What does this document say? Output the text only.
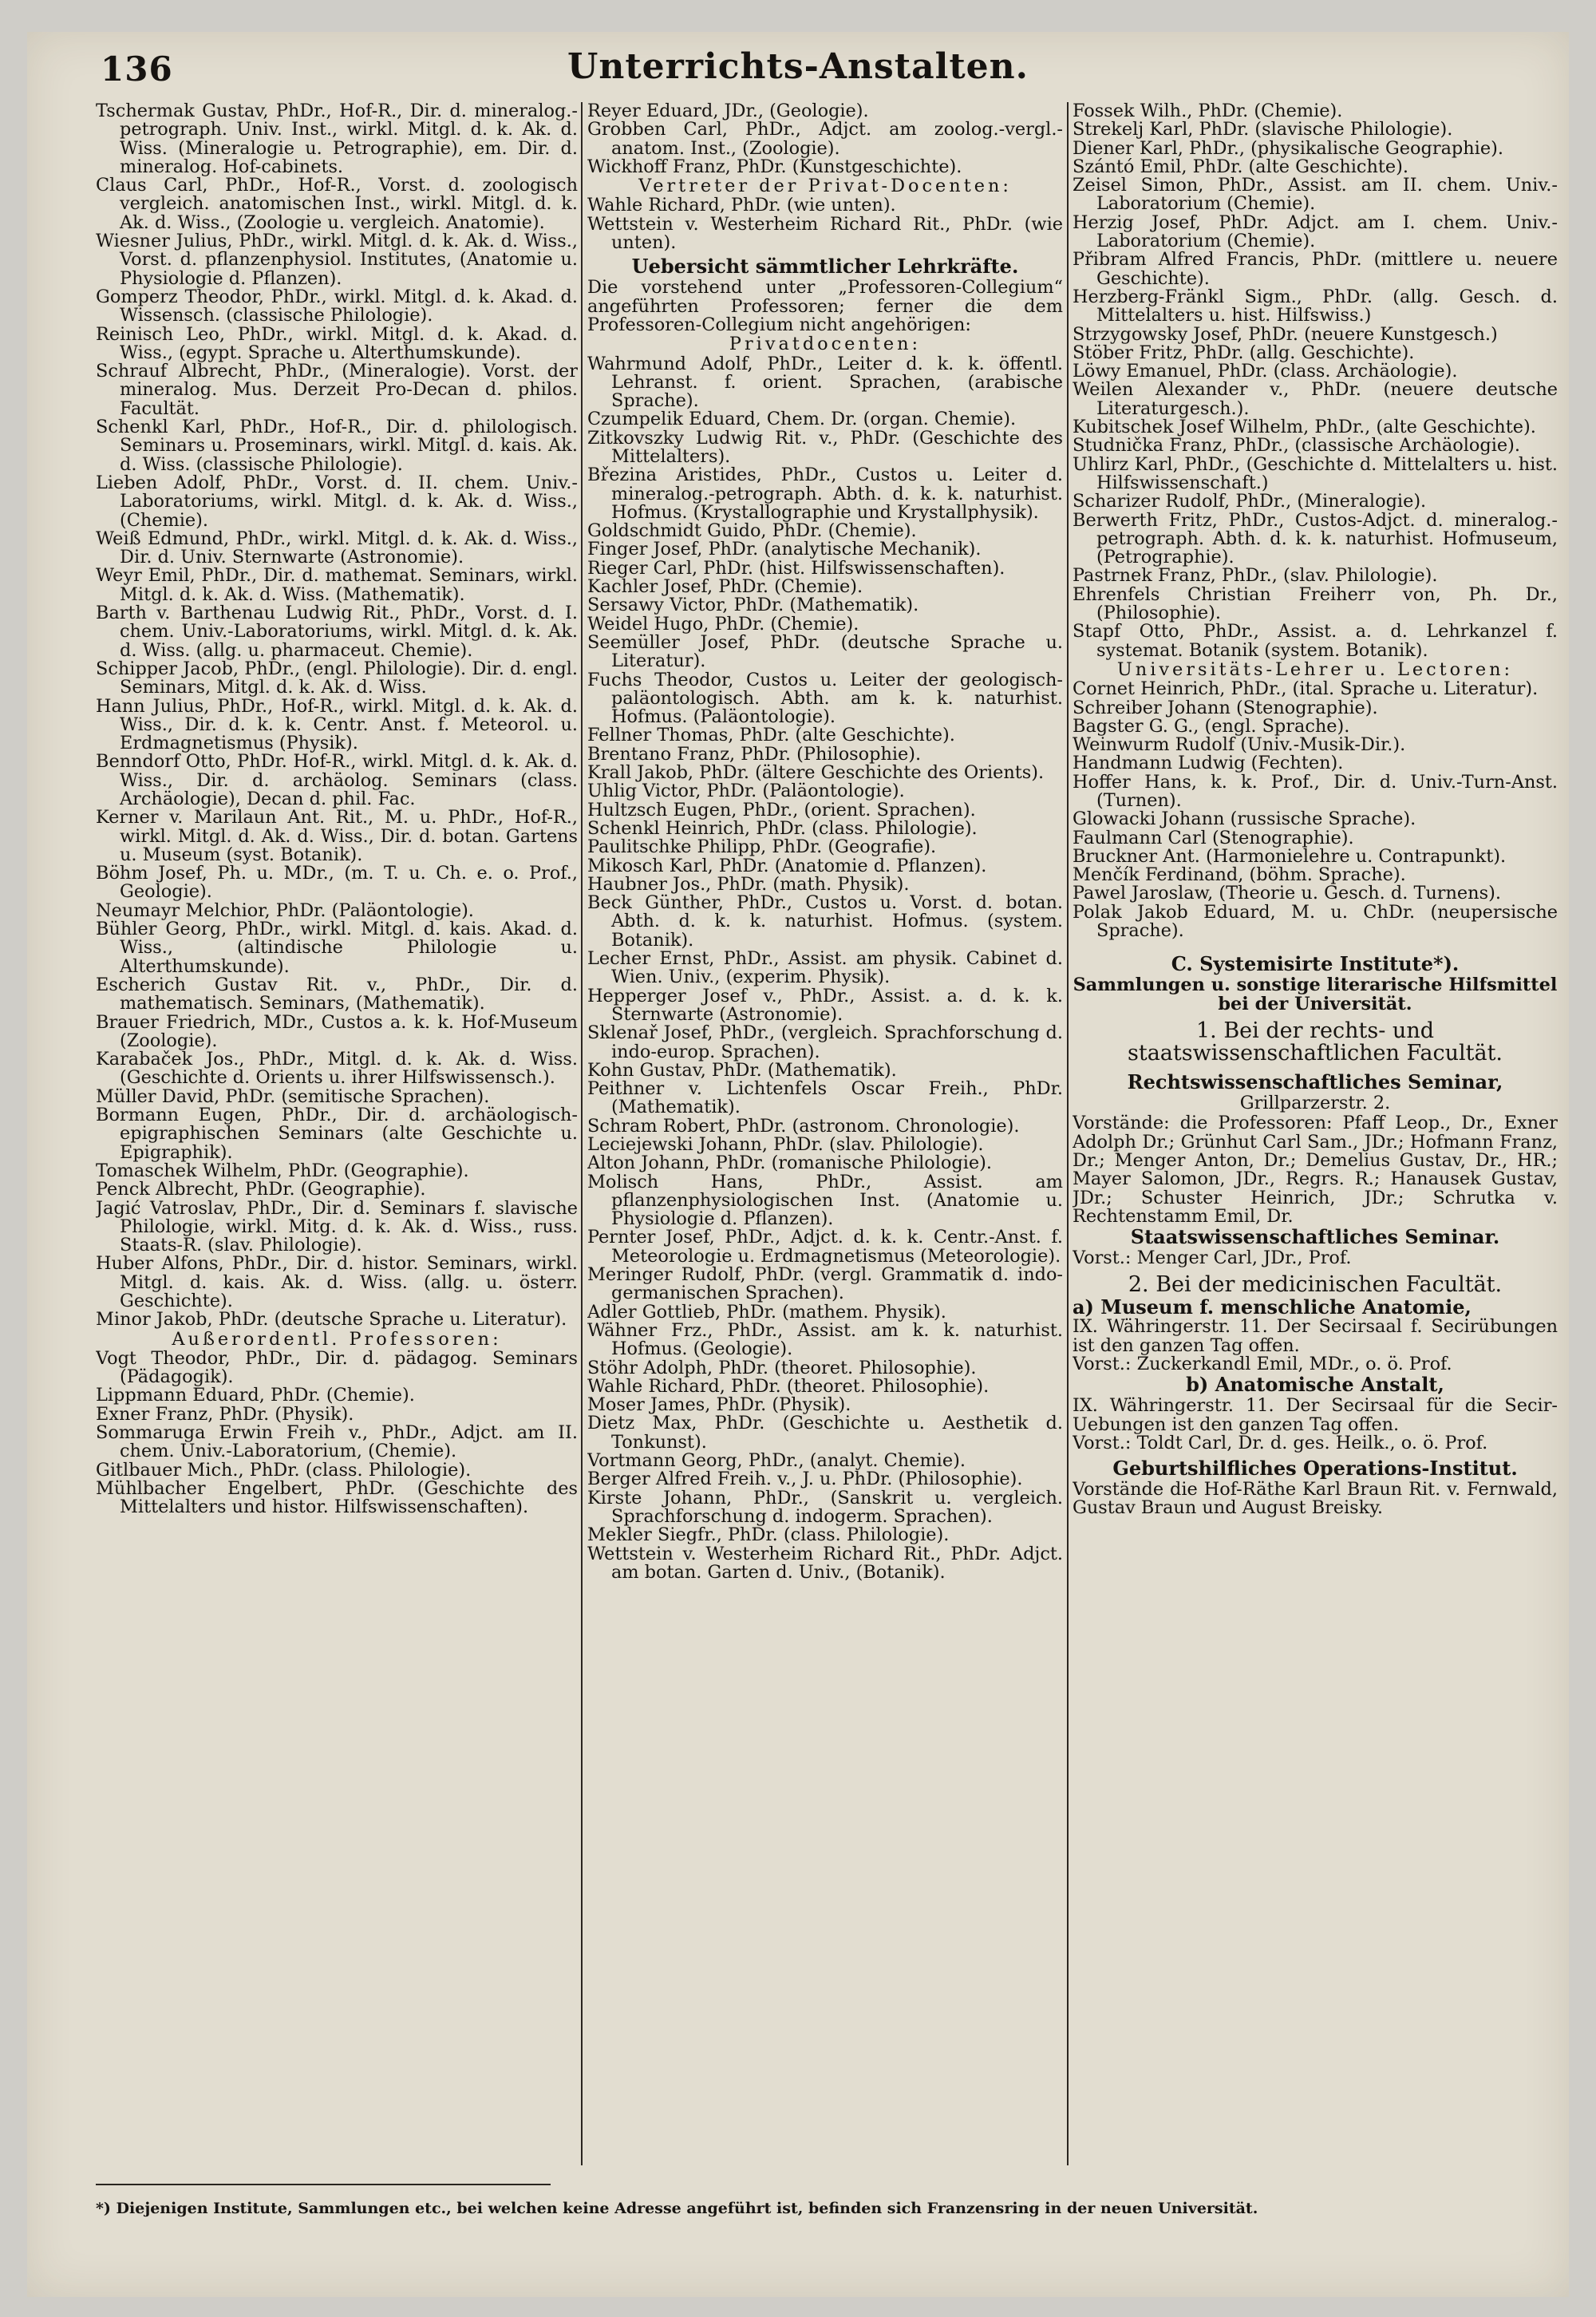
136	Unterrichts-Anstalten.

Tschermak Gustav, PhDr., Hof-R., Dir. d. mineralog.-petrograph. Univ. Inst., wirkl. Mitgl. d. k. Ak. d. Wiss. (Mineralogie u. Petrographie), em. Dir. d. mineralog. Hof-cabinets.

Claus Carl, PhDr., Hof-R., Vorst. d. zoologisch vergleich. anatomischen Inst., wirkl. Mitgl. d. k. Ak. d. Wiss., (Zoologie u. vergleich. Anatomie).

Wiesner Julius, PhDr., wirkl. Mitgl. d. k. Ak. d. Wiss., Vorst. d. pflanzenphysiol. Institutes, (Anatomie u. Physiologie d. Pflanzen).

Gomperz Theodor, PhDr., wirkl. Mitgl. d. k. Akad. d. Wissensch. (classische Philologie).

Reinisch Leo, PhDr., wirkl. Mitgl. d. k. Akad. d. Wiss., (egypt. Sprache u. Alterthumskunde).

Schrauf Albrecht, PhDr., (Mineralogie). Vorst. der mineralog. Mus. Derzeit Pro-Decan d. philos. Facultät.

Schenkl Karl, PhDr., Hof-R., Dir. d. philologisch. Seminars u. Proseminars, wirkl. Mitgl. d. kais. Ak. d. Wiss. (classische Philologie).

Lieben Adolf, PhDr., Vorst. d. II. chem. Univ.-Laboratoriums, wirkl. Mitgl. d. k. Ak. d. Wiss., (Chemie).

Weiß Edmund, PhDr., wirkl. Mitgl. d. k. Ak. d. Wiss., Dir. d. Univ. Sternwarte (Astronomie).

Weyr Emil, PhDr., Dir. d. mathemat. Seminars, wirkl. Mitgl. d. k. Ak. d. Wiss. (Mathematik).

Barth v. Barthenau Ludwig Rit., PhDr., Vorst. d. I. chem. Univ.-Laboratoriums, wirkl. Mitgl. d. k. Ak. d. Wiss. (allg. u. pharmaceut. Chemie).

Schipper Jacob, PhDr., (engl. Philologie). Dir. d. engl. Seminars, Mitgl. d. k. Ak. d. Wiss.

Hann Julius, PhDr., Hof-R., wirkl. Mitgl. d. k. Ak. d. Wiss., Dir. d. k. k. Centr. Anst. f. Meteorol. u. Erdmagnetismus (Physik).

Benndorf Otto, PhDr. Hof-R., wirkl. Mitgl. d. k. Ak. d. Wiss., Dir. d. archäolog. Seminars (class. Archäologie), Decan d. phil. Fac.

Kerner v. Marilaun Ant. Rit., M. u. PhDr., Hof-R., wirkl. Mitgl. d. Ak. d. Wiss., Dir. d. botan. Gartens u. Museum (syst. Botanik).

Böhm Josef, Ph. u. MDr., (m. T. u. Ch. e. o. Prof., Geologie).

Neumayr Melchior, PhDr. (Paläontologie).

Bühler Georg, PhDr., wirkl. Mitgl. d. kais. Akad. d. Wiss., (altindische Philologie u. Alterthumskunde).

Escherich Gustav Rit. v., PhDr., Dir. d. mathematisch. Seminars, (Mathematik).

Brauer Friedrich, MDr., Custos a. k. k. Hof-Museum (Zoologie).

Karabaček Jos., PhDr., Mitgl. d. k. Ak. d. Wiss. (Geschichte d. Orients u. ihrer Hilfswissensch.).

Müller David, PhDr. (semitische Sprachen).

Bormann Eugen, PhDr., Dir. d. archäologisch-epigraphischen Seminars (alte Geschichte u. Epigraphik).

Tomaschek Wilhelm, PhDr. (Geographie).

Penck Albrecht, PhDr. (Geographie).

Jagić Vatroslav, PhDr., Dir. d. Seminars f. slavische Philologie, wirkl. Mitg. d. k. Ak. d. Wiss., russ. Staats-R. (slav. Philologie).

Huber Alfons, PhDr., Dir. d. histor. Seminars, wirkl. Mitgl. d. kais. Ak. d. Wiss. (allg. u. österr. Geschichte).

Minor Jakob, PhDr. (deutsche Sprache u. Literatur).

Außerordentl. Professoren:

Vogt Theodor, PhDr., Dir. d. pädagog. Seminars (Pädagogik).

Lippmann Eduard, PhDr. (Chemie).

Exner Franz, PhDr. (Physik).

Sommaruga Erwin Freih v., PhDr., Adjct. am II. chem. Univ.-Laboratorium, (Chemie).

Gitlbauer Mich., PhDr. (class. Philologie).

Mühlbacher Engelbert, PhDr. (Geschichte des Mittelalters und histor. Hilfswissenschaften).

Reyer Eduard, JDr., (Geologie).

Grobben Carl, PhDr., Adjct. am zoolog.-vergl.-anatom. Inst., (Zoologie).

Wickhoff Franz, PhDr. (Kunstgeschichte).

Vertreter der Privat-Docenten:

Wahle Richard, PhDr. (wie unten).

Wettstein v. Westerheim Richard Rit., PhDr. (wie unten).

Uebersicht sämmtlicher Lehrkräfte.

Die vorstehend unter „Professoren-Collegium“ angeführten Professoren; ferner die dem Professoren-Collegium nicht angehörigen:

Privatdocenten:

Wahrmund Adolf, PhDr., Leiter d. k. k. öffentl. Lehranst. f. orient. Sprachen, (arabische Sprache).

Czumpelik Eduard, Chem. Dr. (organ. Chemie).

Zitkovszky Ludwig Rit. v., PhDr. (Geschichte des Mittelalters).

Březina Aristides, PhDr., Custos u. Leiter d. mineralog.-petrograph. Abth. d. k. k. naturhist. Hofmus. (Krystallographie und Krystallphysik).

Goldschmidt Guido, PhDr. (Chemie).

Finger Josef, PhDr. (analytische Mechanik).

Rieger Carl, PhDr. (hist. Hilfswissenschaften).

Kachler Josef, PhDr. (Chemie).

Sersawy Victor, PhDr. (Mathematik).

Weidel Hugo, PhDr. (Chemie).

Seemüller Josef, PhDr. (deutsche Sprache u. Literatur).

Fuchs Theodor, Custos u. Leiter der geologisch-paläontologisch. Abth. am k. k. naturhist. Hofmus. (Paläontologie).

Fellner Thomas, PhDr. (alte Geschichte).

Brentano Franz, PhDr. (Philosophie).

Krall Jakob, PhDr. (ältere Geschichte des Orients).

Uhlig Victor, PhDr. (Paläontologie).

Hultzsch Eugen, PhDr., (orient. Sprachen).

Schenkl Heinrich, PhDr. (class. Philologie).

Paulitschke Philipp, PhDr. (Geografie).

Mikosch Karl, PhDr. (Anatomie d. Pflanzen).

Haubner Jos., PhDr. (math. Physik).

Beck Günther, PhDr., Custos u. Vorst. d. botan. Abth. d. k. k. naturhist. Hofmus. (system. Botanik).

Lecher Ernst, PhDr., Assist. am physik. Cabinet d. Wien. Univ., (experim. Physik).

Hepperger Josef v., PhDr., Assist. a. d. k. k. Sternwarte (Astronomie).

Sklenař Josef, PhDr., (vergleich. Sprachforschung d. indo-europ. Sprachen).

Kohn Gustav, PhDr. (Mathematik).

Peithner v. Lichtenfels Oscar Freih., PhDr. (Mathematik).

Schram Robert, PhDr. (astronom. Chronologie).

Leciejewski Johann, PhDr. (slav. Philologie).

Alton Johann, PhDr. (romanische Philologie).

Molisch Hans, PhDr., Assist. am pflanzenphysiologischen Inst. (Anatomie u. Physiologie d. Pflanzen).

Pernter Josef, PhDr., Adjct. d. k. k. Centr.-Anst. f. Meteorologie u. Erdmagnetismus (Meteorologie).

Meringer Rudolf, PhDr. (vergl. Grammatik d. indo-germanischen Sprachen).

Adler Gottlieb, PhDr. (mathem. Physik).

Wähner Frz., PhDr., Assist. am k. k. naturhist. Hofmus. (Geologie).

Stöhr Adolph, PhDr. (theoret. Philosophie).

Wahle Richard, PhDr. (theoret. Philosophie).

Moser James, PhDr. (Physik).

Dietz Max, PhDr. (Geschichte u. Aesthetik d. Tonkunst).

Vortmann Georg, PhDr., (analyt. Chemie).

Berger Alfred Freih. v., J. u. PhDr. (Philosophie).

Kirste Johann, PhDr., (Sanskrit u. vergleich. Sprachforschung d. indogerm. Sprachen).

Mekler Siegfr., PhDr. (class. Philologie).

Wettstein v. Westerheim Richard Rit., PhDr. Adjct. am botan. Garten d. Univ., (Botanik).

Fossek Wilh., PhDr. (Chemie).

Strekelj Karl, PhDr. (slavische Philologie).

Diener Karl, PhDr., (physikalische Geographie).

Szántó Emil, PhDr. (alte Geschichte).

Zeisel Simon, PhDr., Assist. am II. chem. Univ.-Laboratorium (Chemie).

Herzig Josef, PhDr. Adjct. am I. chem. Univ.-Laboratorium (Chemie).

Přibram Alfred Francis, PhDr. (mittlere u. neuere Geschichte).

Herzberg-Fränkl Sigm., PhDr. (allg. Gesch. d. Mittelalters u. hist. Hilfswiss.)

Strzygowsky Josef, PhDr. (neuere Kunstgesch.)

Stöber Fritz, PhDr. (allg. Geschichte).

Löwy Emanuel, PhDr. (class. Archäologie).

Weilen Alexander v., PhDr. (neuere deutsche Literaturgesch.).

Kubitschek Josef Wilhelm, PhDr., (alte Geschichte).

Studnička Franz, PhDr., (classische Archäologie).

Uhlirz Karl, PhDr., (Geschichte d. Mittelalters u. hist. Hilfswissenschaft.)

Scharizer Rudolf, PhDr., (Mineralogie).

Berwerth Fritz, PhDr., Custos-Adjct. d. mineralog.-petrograph. Abth. d. k. k. naturhist. Hofmuseum, (Petrographie).

Pastrnek Franz, PhDr., (slav. Philologie).

Ehrenfels Christian Freiherr von, Ph. Dr., (Philosophie).

Stapf Otto, PhDr., Assist. a. d. Lehrkanzel f. systemat. Botanik (system. Botanik).

Universitäts-Lehrer u. Lectoren:

Cornet Heinrich, PhDr., (ital. Sprache u. Literatur).

Schreiber Johann (Stenographie).

Bagster G. G., (engl. Sprache).

Weinwurm Rudolf (Univ.-Musik-Dir.).

Handmann Ludwig (Fechten).

Hoffer Hans, k. k. Prof., Dir. d. Univ.-Turn-Anst. (Turnen).

Glowacki Johann (russische Sprache).

Faulmann Carl (Stenographie).

Bruckner Ant. (Harmonielehre u. Contrapunkt).

Menčík Ferdinand, (böhm. Sprache).

Pawel Jaroslaw, (Theorie u. Gesch. d. Turnens).

Polak Jakob Eduard, M. u. ChDr. (neupersische Sprache).

C. Systemisirte Institute*).
Sammlungen u. sonstige literarische Hilfsmittel bei der Universität.
1. Bei der rechts- und staatswissenschaftlichen Facultät.
Rechtswissenschaftliches Seminar,
Grillparzerstr. 2.

Vorstände: die Professoren: Pfaff Leop., Dr., Exner Adolph Dr.; Grünhut Carl Sam., JDr.; Hofmann Franz, Dr.; Menger Anton, Dr.; Demelius Gustav, Dr., HR.; Mayer Salomon, JDr., Regrs. R.; Hanausek Gustav, JDr.; Schuster Heinrich, JDr.; Schrutka v. Rechtenstamm Emil, Dr.

Staatswissenschaftliches Seminar.

Vorst.: Menger Carl, JDr., Prof.

2. Bei der medicinischen Facultät.
a) Museum f. menschliche Anatomie,

IX. Währingerstr. 11. Der Secirsaal f. Secirübungen ist den ganzen Tag offen.

Vorst.: Zuckerkandl Emil, MDr., o. ö. Prof.

b) Anatomische Anstalt,

IX. Währingerstr. 11. Der Secirsaal für die Secir-Uebungen ist den ganzen Tag offen.

Vorst.: Toldt Carl, Dr. d. ges. Heilk., o. ö. Prof.

Geburtshilfliches Operations-Institut.

Vorstände die Hof-Räthe Karl Braun Rit. v. Fernwald, Gustav Braun und August Breisky.

*) Diejenigen Institute, Sammlungen etc., bei welchen keine Adresse angeführt ist, befinden sich Franzensring in der neuen Universität.
